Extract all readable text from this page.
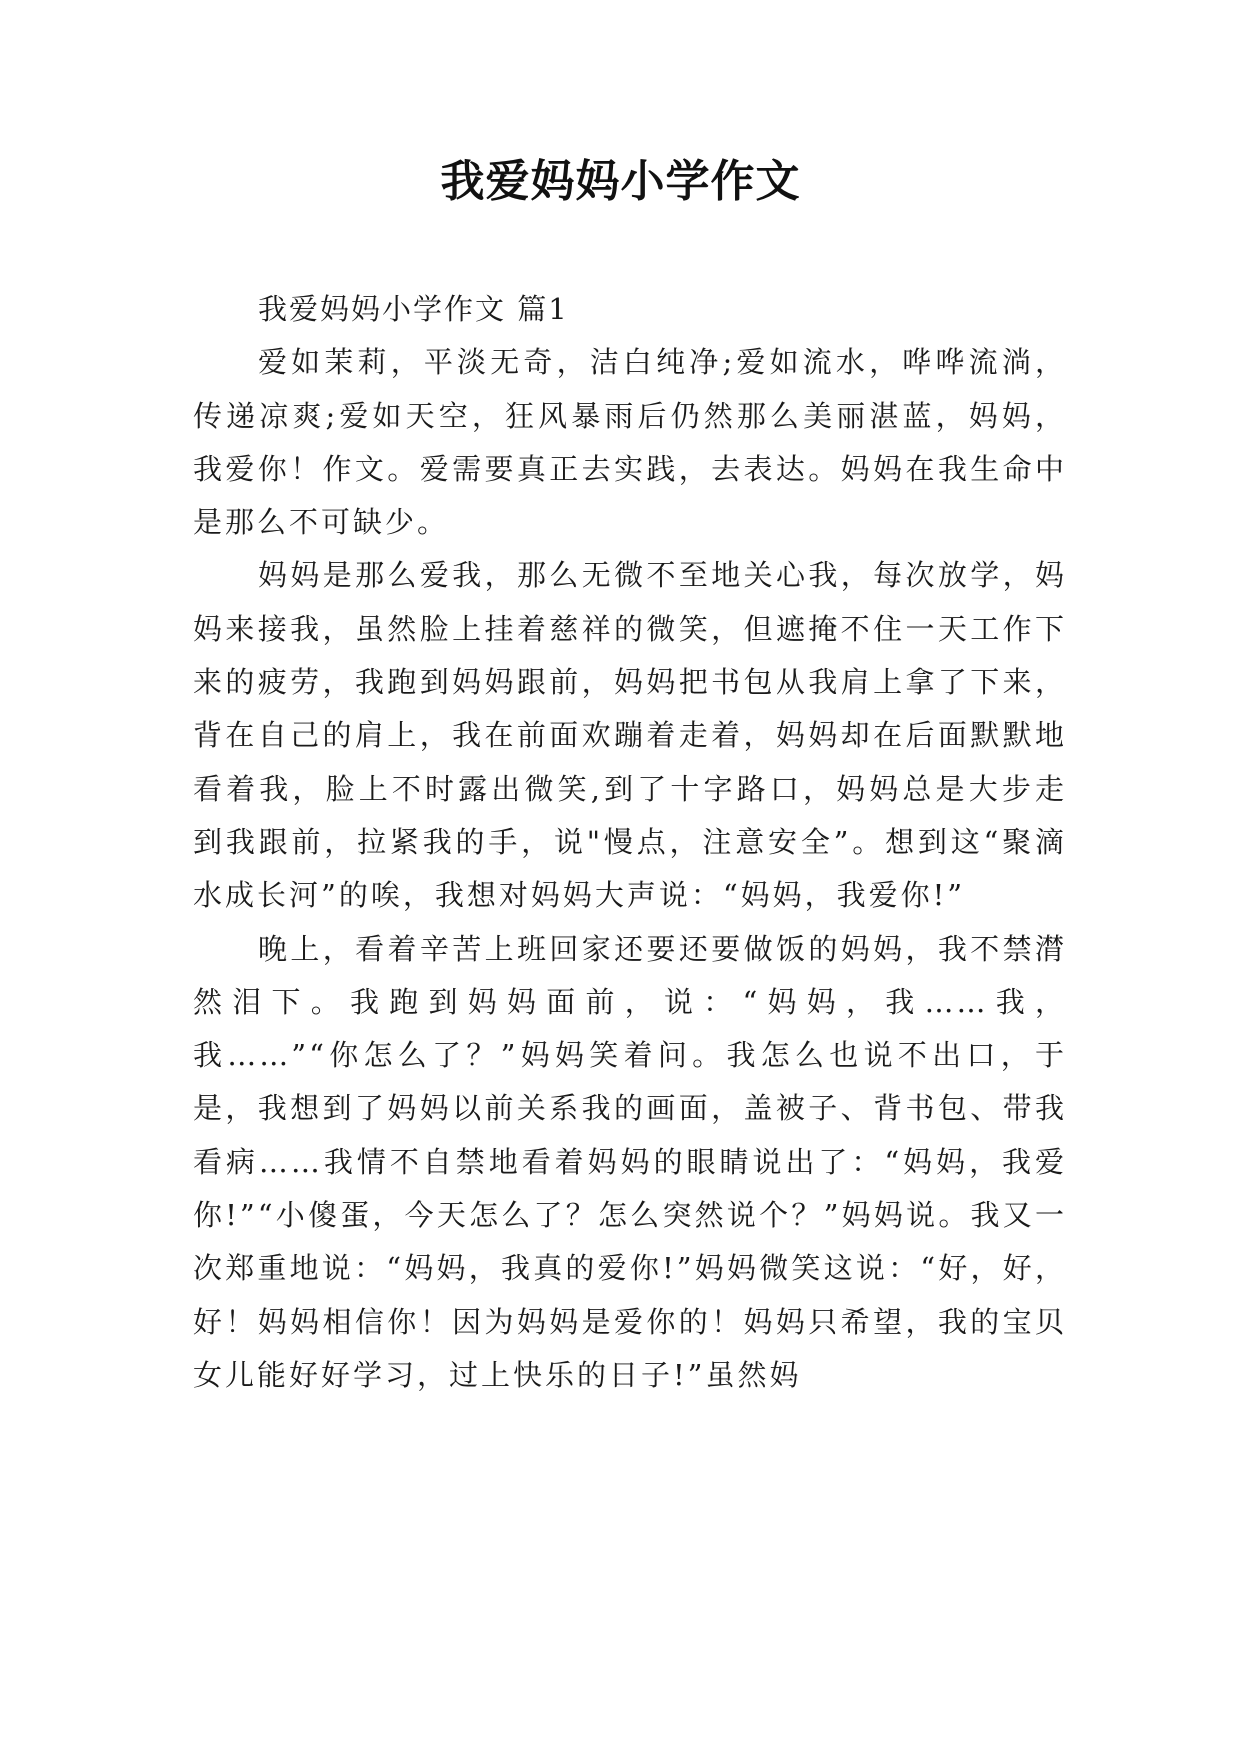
我爱妈妈小学作文

我爱妈妈小学作文 篇1

爱如茉莉，平淡无奇，洁白纯净;爱如流水，哗哗流淌，传递凉爽;爱如天空，狂风暴雨后仍然那么美丽湛蓝，妈妈，我爱你！作文。爱需要真正去实践，去表达。妈妈在我生命中是那么不可缺少。

妈妈是那么爱我，那么无微不至地关心我，每次放学，妈妈来接我，虽然脸上挂着慈祥的微笑，但遮掩不住一天工作下来的疲劳，我跑到妈妈跟前，妈妈把书包从我肩上拿了下来，背在自己的肩上，我在前面欢蹦着走着，妈妈却在后面默默地看着我，脸上不时露出微笑,到了十字路口，妈妈总是大步走到我跟前，拉紧我的手，说"慢点，注意安全”。想到这“聚滴水成长河”的唉，我想对妈妈大声说：“妈妈，我爱你!”

晚上，看着辛苦上班回家还要还要做饭的妈妈，我不禁潸然泪下。我跑到妈妈面前，说：“妈妈，我……我，我……”“你怎么了？”妈妈笑着问。我怎么也说不出口，于是，我想到了妈妈以前关系我的画面，盖被子、背书包、带我看病……我情不自禁地看着妈妈的眼睛说出了：“妈妈，我爱你!”“小傻蛋，今天怎么了？怎么突然说个？”妈妈说。我又一次郑重地说：“妈妈，我真的爱你!”妈妈微笑这说：“好，好，好！妈妈相信你！因为妈妈是爱你的！妈妈只希望，我的宝贝女儿能好好学习，过上快乐的日子!”虽然妈
